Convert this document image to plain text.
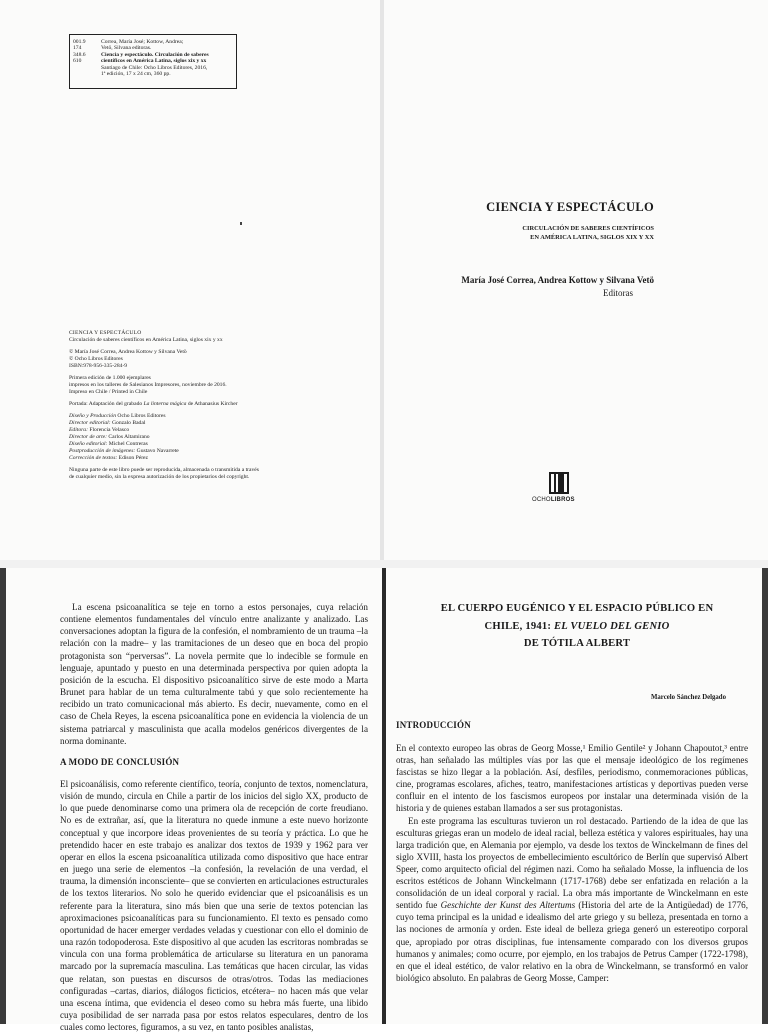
001.9
174
348.6
610
Correa, María José; Kottow, Andrea;
Vetö, Silvana editoras.
Ciencia y espectáculo. Circulación de saberes
científicos en América Latina, siglos xix y xx
Santiago de Chile: Ocho Libros Editores, 2016,
1ª edición, 17 x 24 cm, 360 pp.
CIENCIA Y ESPECTÁCULO
Circulación de saberes científicos en América Latina, siglos xix y xx
© María José Correa, Andrea Kottow y Silvana Vetö
© Ocho Libros Editores
ISBN:978-956-335-284-9
Primera edición de 1.000 ejemplares
impresos en los talleres de Salesianos Impresores, noviembre de 2016.
Impreso en Chile / Printed in Chile
Portada: Adaptación del grabado La linterna mágica de Athanasius Kircher
Diseño y Producción Ocho Libros Editores
Director editorial: Gonzalo Badal
Editora: Florencia Velasco
Director de arte: Carlos Altamirano
Diseño editorial: Michel Contreras
Postproducción de imágenes: Gustavo Navarrete
Corrección de textos: Edison Pérez
Ninguna parte de este libro puede ser reproducida, almacenada o transmitida a través
de cualquier medio, sin la expresa autorización de los propietarios del copyright.
CIENCIA Y ESPECTÁCULO
CIRCULACIÓN DE SABERES CIENTÍFICOS
EN AMÉRICA LATINA, SIGLOS XIX Y XX
María José Correa, Andrea Kottow y Silvana Vetö
Editoras
OCHOLIBROS

La escena psicoanalítica se teje en torno a estos personajes, cuya relación contiene elementos fundamentales del vínculo entre analizante y analizado. Las conversaciones adoptan la figura de la confesión, el nombramiento de un trauma –la relación con la madre– y las tramitaciones de un deseo que en boca del propio protagonista son “perversas”. La novela permite que lo indecible se formule en lenguaje, apuntado y puesto en una determinada perspectiva por quien adopta la posición de la escucha. El dispositivo psicoanalítico sirve de este modo a Marta Brunet para hablar de un tema culturalmente tabú y que solo recientemente ha recibido un trato comunicacional más abierto. Es decir, nuevamente, como en el caso de Chela Reyes, la escena psicoanalítica pone en evidencia la violencia de un sistema patriarcal y masculinista que acalla modelos genéricos divergentes de la norma dominante.

A MODO DE CONCLUSIÓN

El psicoanálisis, como referente científico, teoría, conjunto de textos, nomenclatura, visión de mundo, circula en Chile a partir de los inicios del siglo XX, producto de lo que puede denominarse como una primera ola de recepción de corte freudiano. No es de extrañar, así, que la literatura no quede inmune a este nuevo horizonte conceptual y que incorpore ideas provenientes de su teoría y práctica. Lo que he pretendido hacer en este trabajo es analizar dos textos de 1939 y 1962 para ver operar en ellos la escena psicoanalítica utilizada como dispositivo que hace entrar en juego una serie de elementos –la confesión, la revelación de una verdad, el trauma, la dimensión inconsciente– que se convierten en articulaciones estructurales de los textos literarios. No solo he querido evidenciar que el psicoanálisis es un referente para la literatura, sino más bien que una serie de textos potencian las aproximaciones psicoanalíticas para su funcionamiento. El texto es pensado como oportunidad de hacer emerger verdades veladas y cuestionar con ello el dominio de una razón todopoderosa. Este dispositivo al que acuden las escritoras nombradas se vincula con una forma problemática de articularse su literatura en un panorama marcado por la supremacía masculina. Las temáticas que hacen circular, las vidas que relatan, son puestas en discursos de otras/otros. Todas las mediaciones configuradas –cartas, diarios, diálogos ficticios, etcétera– no hacen más que velar una escena íntima, que evidencia el deseo como su hebra más fuerte, una libido cuya posibilidad de ser narrada pasa por estos relatos especulares, dentro de los cuales como lectores, figuramos, a su vez, en tanto posibles analistas,

EL CUERPO EUGÉNICO Y EL ESPACIO PÚBLICO EN
CHILE, 1941: EL VUELO DEL GENIO
DE TÓTILA ALBERT
Marcelo Sánchez Delgado
INTRODUCCIÓN

En el contexto europeo las obras de Georg Mosse,¹ Emilio Gentile² y Johann Chapoutot,³ entre otras, han señalado las múltiples vías por las que el mensaje ideológico de los regímenes fascistas se hizo llegar a la población. Así, desfiles, periodismo, conmemoraciones públicas, cine, programas escolares, afiches, teatro, manifestaciones artísticas y deportivas pueden verse confluir en el intento de los fascismos europeos por instalar una determinada visión de la historia y de quienes estaban llamados a ser sus protagonistas.

En este programa las esculturas tuvieron un rol destacado. Partiendo de la idea de que las esculturas griegas eran un modelo de ideal racial, belleza estética y valores espirituales, hay una larga tradición que, en Alemania por ejemplo, va desde los textos de Winckelmann de fines del siglo XVIII, hasta los proyectos de embellecimiento escultórico de Berlín que supervisó Albert Speer, como arquitecto oficial del régimen nazi. Como ha señalado Mosse, la influencia de los escritos estéticos de Johann Winckelmann (1717-1768) debe ser enfatizada en relación a la consolidación de un ideal corporal y racial. La obra más importante de Winckelmann en este sentido fue Geschichte der Kunst des Altertums (Historia del arte de la Antigüedad) de 1776, cuyo tema principal es la unidad e idealismo del arte griego y su belleza, presentada en torno a las nociones de armonía y orden. Este ideal de belleza griega generó un estereotipo corporal que, apropiado por otras disciplinas, fue intensamente comparado con los diversos grupos humanos y animales; como ocurre, por ejemplo, en los trabajos de Petrus Camper (1722-1798), en que el ideal estético, de valor relativo en la obra de Winckelmann, se transformó en valor biológico absoluto. En palabras de Georg Mosse, Camper:
